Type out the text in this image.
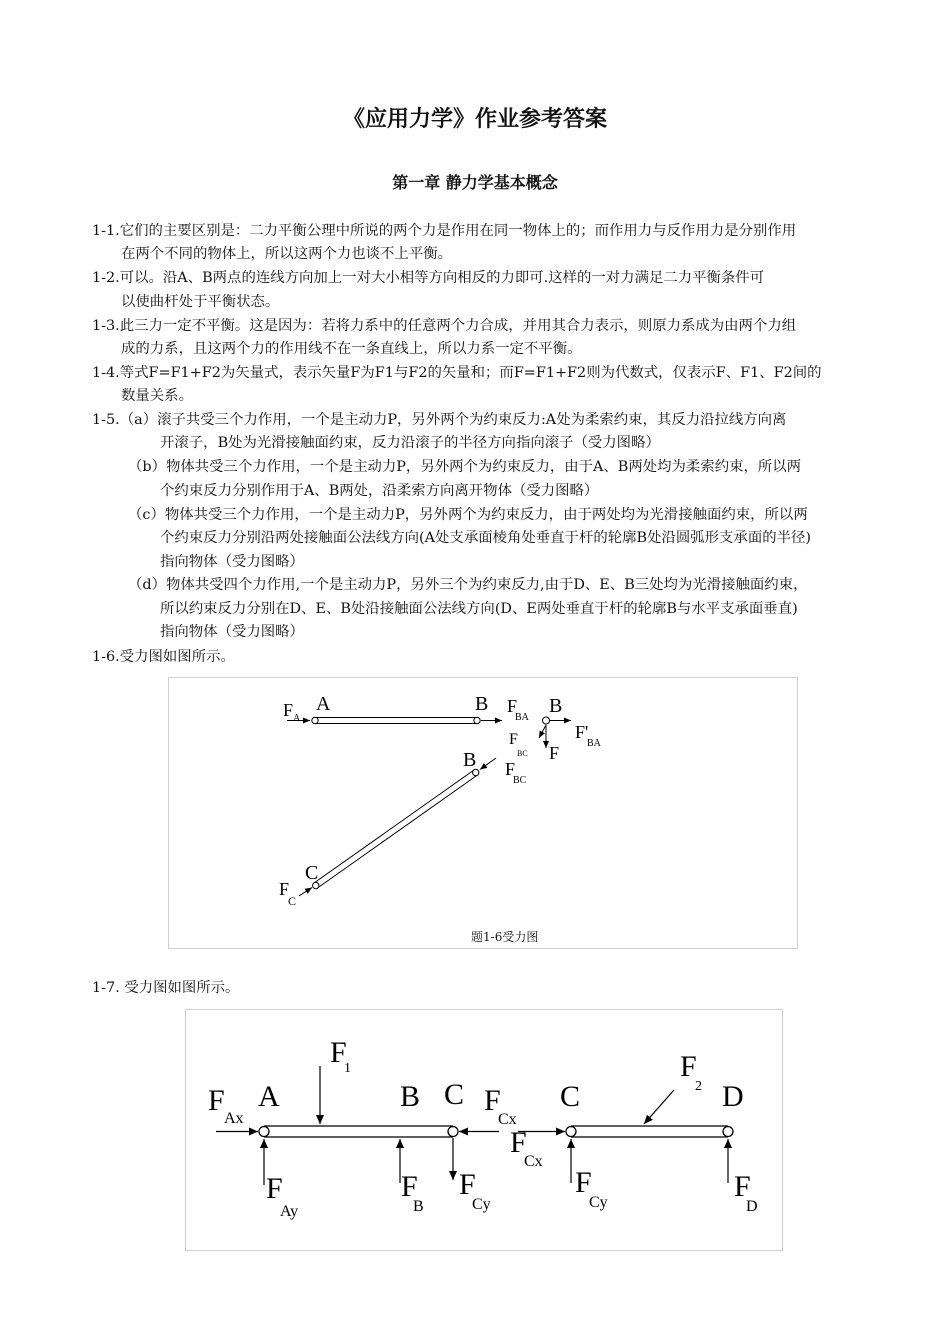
《应用力学》作业参考答案
第一章 静力学基本概念
1-1.它们的主要区别是：二力平衡公理中所说的两个力是作用在同一物体上的；而作用力与反作用力是分别作用
在两个不同的物体上，所以这两个力也谈不上平衡。
1-2.可以。沿A、B两点的连线方向加上一对大小相等方向相反的力即可.这样的一对力满足二力平衡条件可
以使曲杆处于平衡状态。
1-3.此三力一定不平衡。这是因为：若将力系中的任意两个力合成，并用其合力表示，则原力系成为由两个力组
成的力系，且这两个力的作用线不在一条直线上，所以力系一定不平衡。
1-4.等式F=F1+F2为矢量式，表示矢量F为F1与F2的矢量和；而F=F1+F2则为代数式，仅表示F、F1、F2间的
数量关系。
1-5.（a）滚子共受三个力作用，一个是主动力P，另外两个为约束反力:A处为柔索约束，其反力沿拉线方向离
开滚子，B处为光滑接触面约束，反力沿滚子的半径方向指向滚子（受力图略）
（b）物体共受三个力作用，一个是主动力P，另外两个为约束反力，由于A、B两处均为柔索约束，所以两
个约束反力分别作用于A、B两处，沿柔索方向离开物体（受力图略）
（c）物体共受三个力作用，一个是主动力P，另外两个为约束反力，由于两处均为光滑接触面约束，所以两
个约束反力分别沿两处接触面公法线方向(A处支承面棱角处垂直于杆的轮廓B处沿圆弧形支承面的半径)
指向物体（受力图略）
（d）物体共受四个力作用,一个是主动力P，另外三个为约束反力,由于D、E、B三处均为光滑接触面约束，
所以约束反力分别在D、E、B处沿接触面公法线方向(D、E两处垂直于杆的轮廓B与水平支承面垂直)
指向物体（受力图略）
1-6.受力图如图所示。
F A
A	B F
BA
B
F'
BA
F
BC F
B F
BC
C
F
C
题1-6受力图
1-7. 受力图如图所示。
F
1
F
Ax
A	B C F
Cx
F
Cx
C
F
2 D
F
Ay
F
B
F
Cy
F
Cy	F
D
